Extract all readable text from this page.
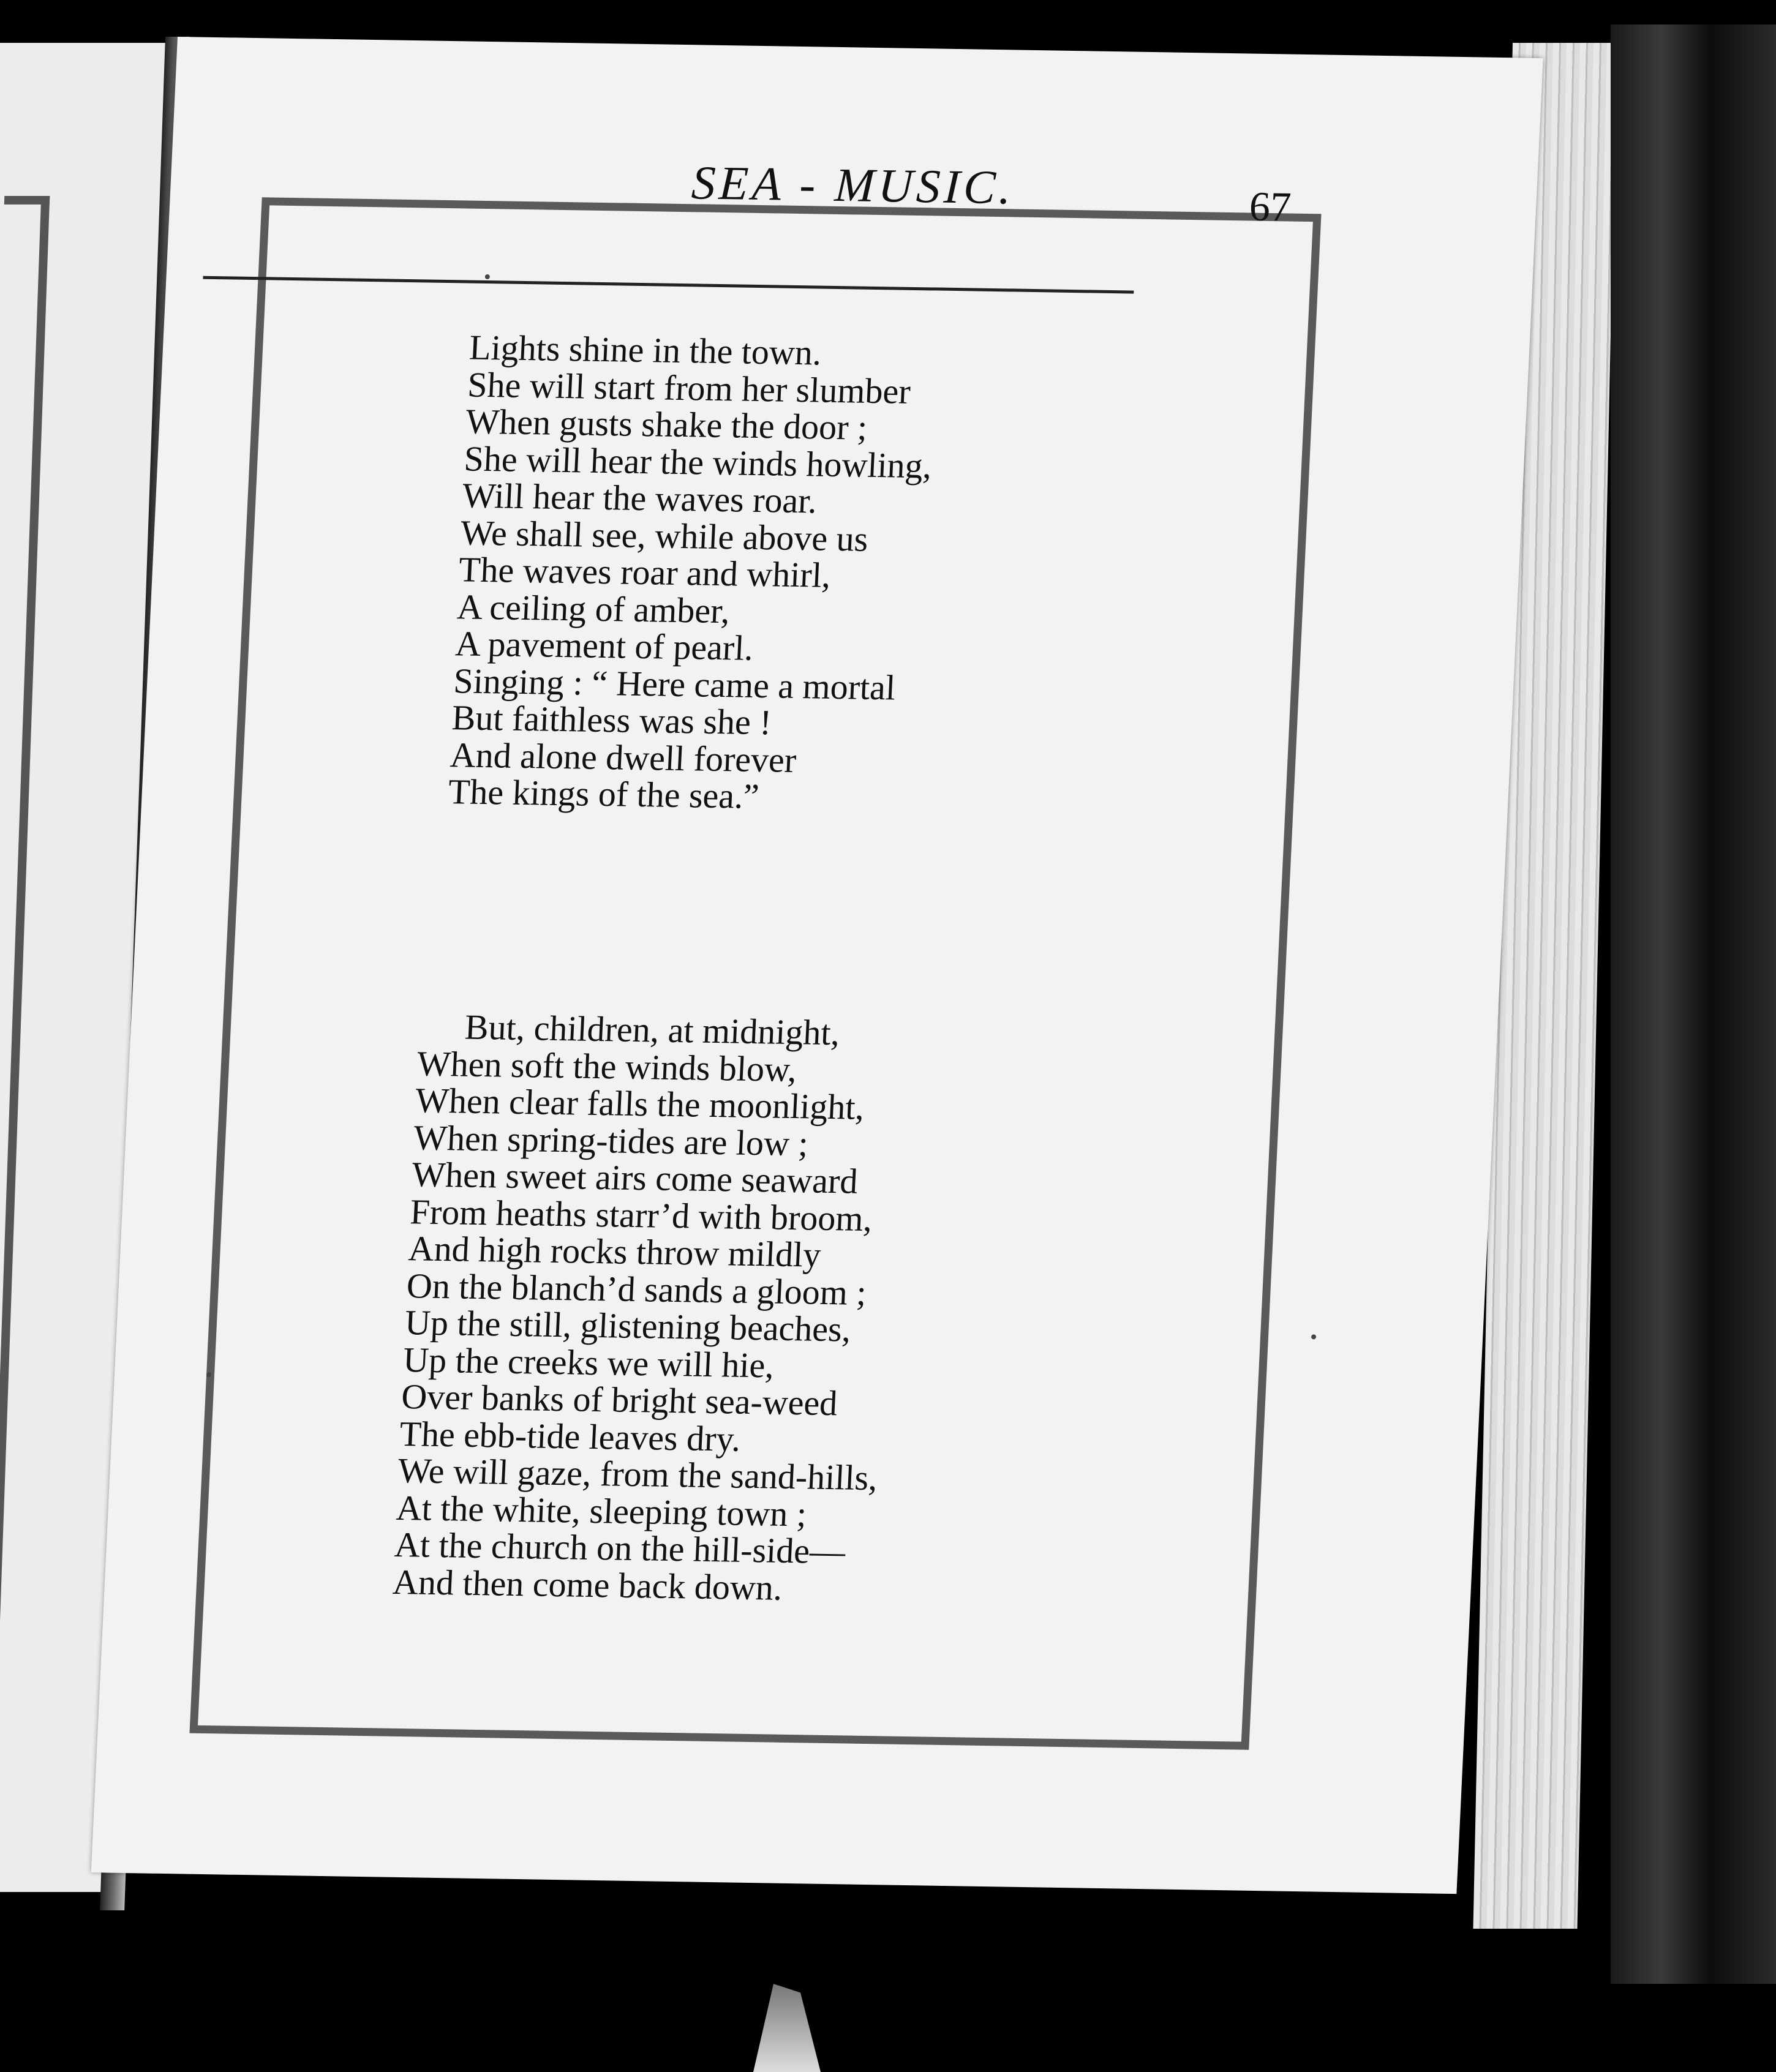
SEA - MUSIC.	67
Lights shine in the town.
She will start from her slumber
When gusts shake the door ;
She will hear the winds howling,
Will hear the waves roar.
We shall see, while above us
The waves roar and whirl,
A ceiling of amber,
A pavement of pearl.
Singing : “ Here came a mortal
But faithless was she !
And alone dwell forever
The kings of the sea.”
But, children, at midnight,
When soft the winds blow,
When clear falls the moonlight,
When spring-tides are low ;
When sweet airs come seaward
From heaths starr’d with broom,
And high rocks throw mildly
On the blanch’d sands a gloom ;
Up the still, glistening beaches,
Up the creeks we will hie,
Over banks of bright sea-weed
The ebb-tide leaves dry.
We will gaze, from the sand-hills,
At the white, sleeping town ;
At the church on the hill-side—
And then come back down.
